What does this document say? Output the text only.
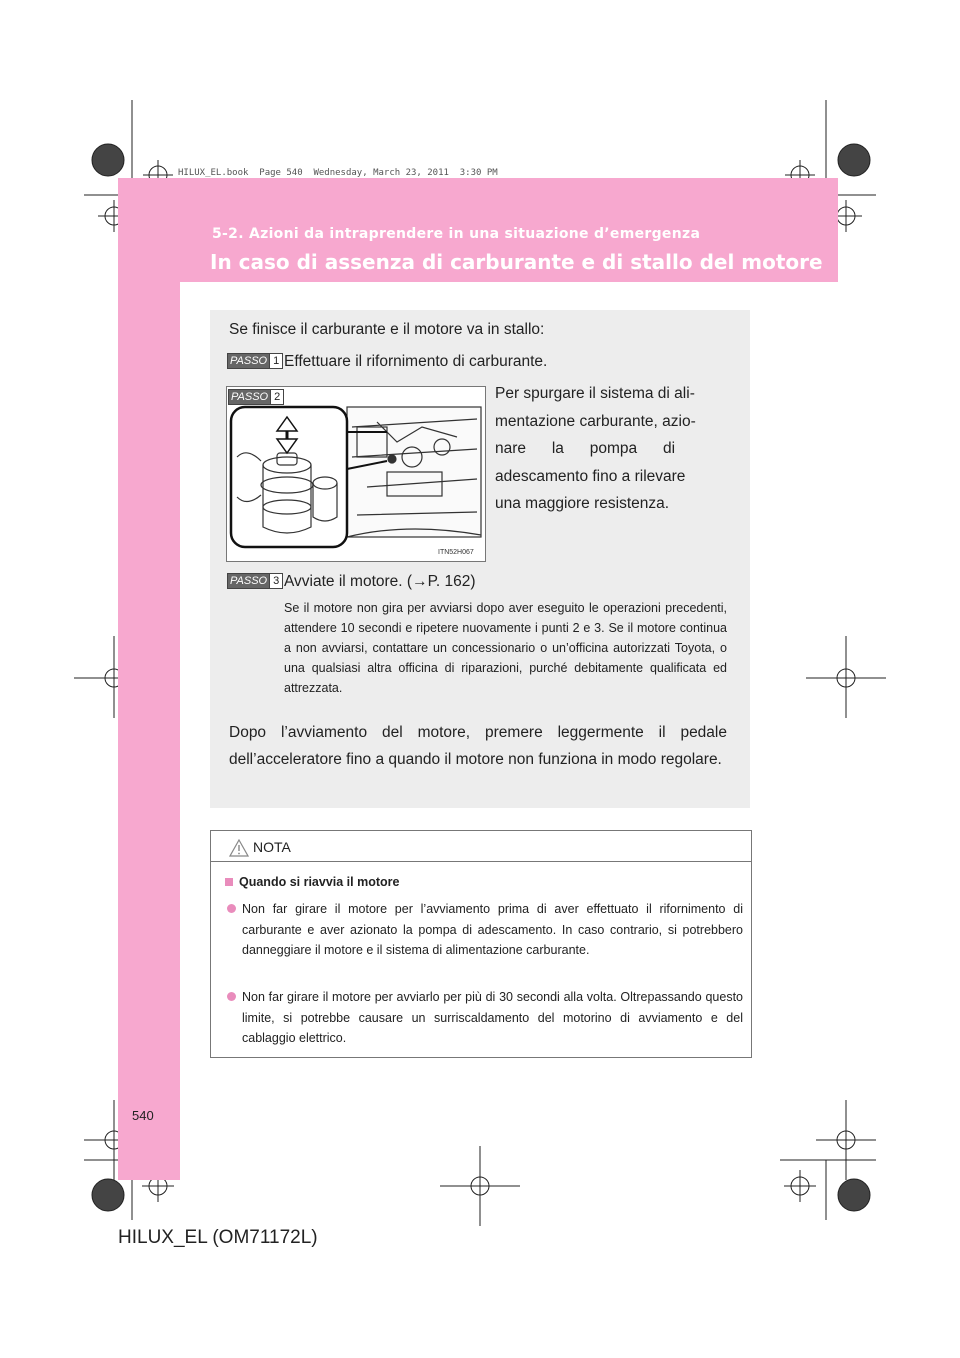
HILUX_EL.book  Page 540  Wednesday, March 23, 2011  3:30 PM
5-2. Azioni da intraprendere in una situazione d’emergenza
In caso di assenza di carburante e di stallo del motore
Se finisce il carburante e il motore va in stallo:
PASSO 1 Effettuare il rifornimento di carburante.
PASSO 2
ITN52H067
Per spurgare il sistema di ali-
mentazione carburante, azio-
nare      la      pompa      di
adescamento fino a rilevare
una maggiore resistenza.
PASSO 3 Avviate il motore. (→P. 162)
Se il motore non gira per avviarsi dopo aver eseguito le operazioni precedenti, attendere 10 secondi e ripetere nuovamente i punti 2 e 3. Se il motore continua a non avviarsi, contattare un concessionario o un’officina autorizzati Toyota, o una qualsiasi altra officina di riparazioni, purché debitamente qualificata ed attrezzata.
Dopo l’avviamento del motore, premere leggermente il pedale dell’acceleratore fino a quando il motore non funziona in modo regolare.
NOTA
Quando si riavvia il motore
Non far girare il motore per l’avviamento prima di aver effettuato il rifornimento di carburante e aver azionato la pompa di adescamento. In caso contrario, si potrebbero danneggiare il motore e il sistema di alimentazione carburante.
Non far girare il motore per avviarlo per più di 30 secondi alla volta. Oltrepassando questo limite, si potrebbe causare un surriscaldamento del motorino di avviamento e del cablaggio elettrico.
540
HILUX_EL (OM71172L)
